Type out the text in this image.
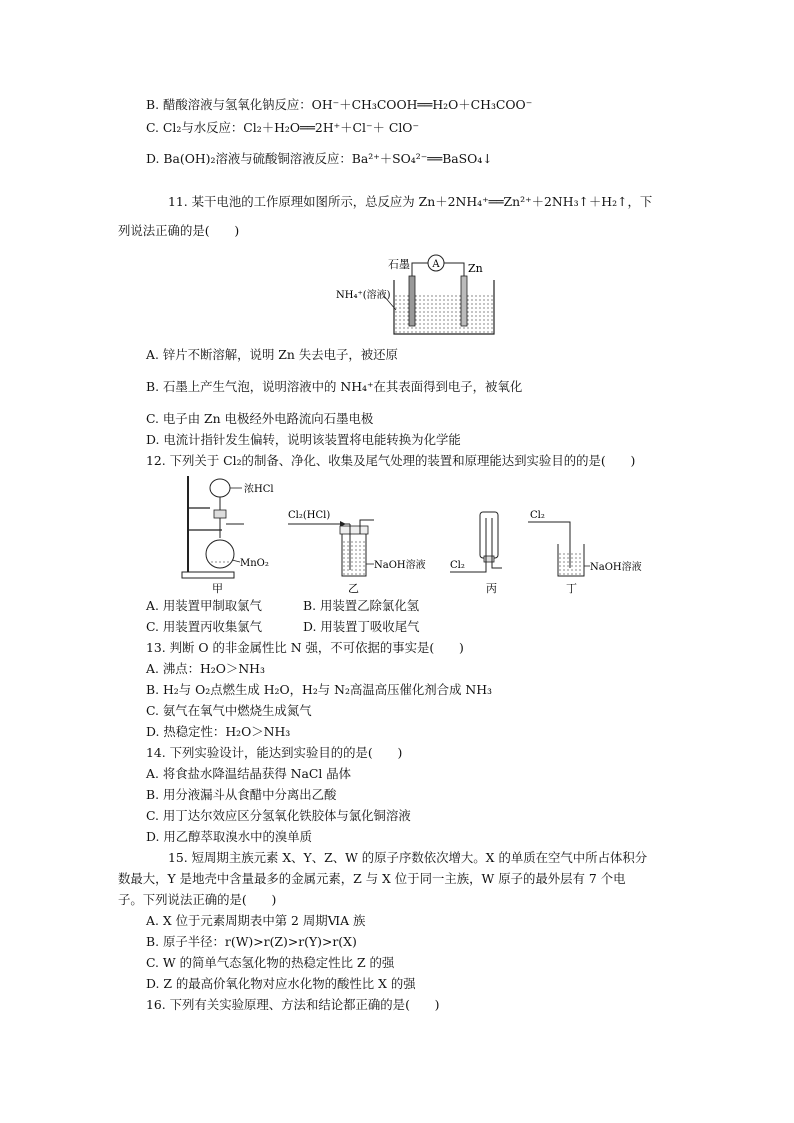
B. 醋酸溶液与氢氧化钠反应：OH⁻＋CH₃COOH══H₂O＋CH₃COO⁻
C. Cl₂与水反应：Cl₂＋H₂O══2H⁺＋Cl⁻＋ ClO⁻
D. Ba(OH)₂溶液与硫酸铜溶液反应：Ba²⁺＋SO₄²⁻══BaSO₄↓
11. 某干电池的工作原理如图所示，总反应为 Zn＋2NH₄⁺══Zn²⁺＋2NH₃↑＋H₂↑，下
列说法正确的是(　　)
A
石墨	Zn
NH₄⁺(溶液)
A. 锌片不断溶解，说明 Zn 失去电子，被还原
B. 石墨上产生气泡，说明溶液中的 NH₄⁺在其表面得到电子，被氧化
C. 电子由 Zn 电极经外电路流向石墨电极
D. 电流计指针发生偏转，说明该装置将电能转换为化学能
12. 下列关于 Cl₂的制备、净化、收集及尾气处理的装置和原理能达到实验目的的是(　　)
浓HCl
MnO₂
甲
Cl₂(HCl)
NaOH溶液
乙
Cl₂
丙
Cl₂
NaOH溶液
丁
A. 用装置甲制取氯气	B. 用装置乙除氯化氢
C. 用装置丙收集氯气	D. 用装置丁吸收尾气
13. 判断 O 的非金属性比 N 强，不可依据的事实是(　　)
A. 沸点：H₂O＞NH₃
B. H₂与 O₂点燃生成 H₂O，H₂与 N₂高温高压催化剂合成 NH₃
C. 氨气在氧气中燃烧生成氮气
D. 热稳定性：H₂O＞NH₃
14. 下列实验设计，能达到实验目的的是(　　)
A. 将食盐水降温结晶获得 NaCl 晶体
B. 用分液漏斗从食醋中分离出乙酸
C. 用丁达尔效应区分氢氧化铁胶体与氯化铜溶液
D. 用乙醇萃取溴水中的溴单质
15. 短周期主族元素 X、Y、Z、W 的原子序数依次增大。X 的单质在空气中所占体积分
数最大，Y 是地壳中含量最多的金属元素，Z 与 X 位于同一主族，W 原子的最外层有 7 个电
子。下列说法正确的是(　　)
A. X 位于元素周期表中第 2 周期ⅥA 族
B. 原子半径：r(W)>r(Z)>r(Y)>r(X)
C. W 的简单气态氢化物的热稳定性比 Z 的强
D. Z 的最高价氧化物对应水化物的酸性比 X 的强
16. 下列有关实验原理、方法和结论都正确的是(　　)
